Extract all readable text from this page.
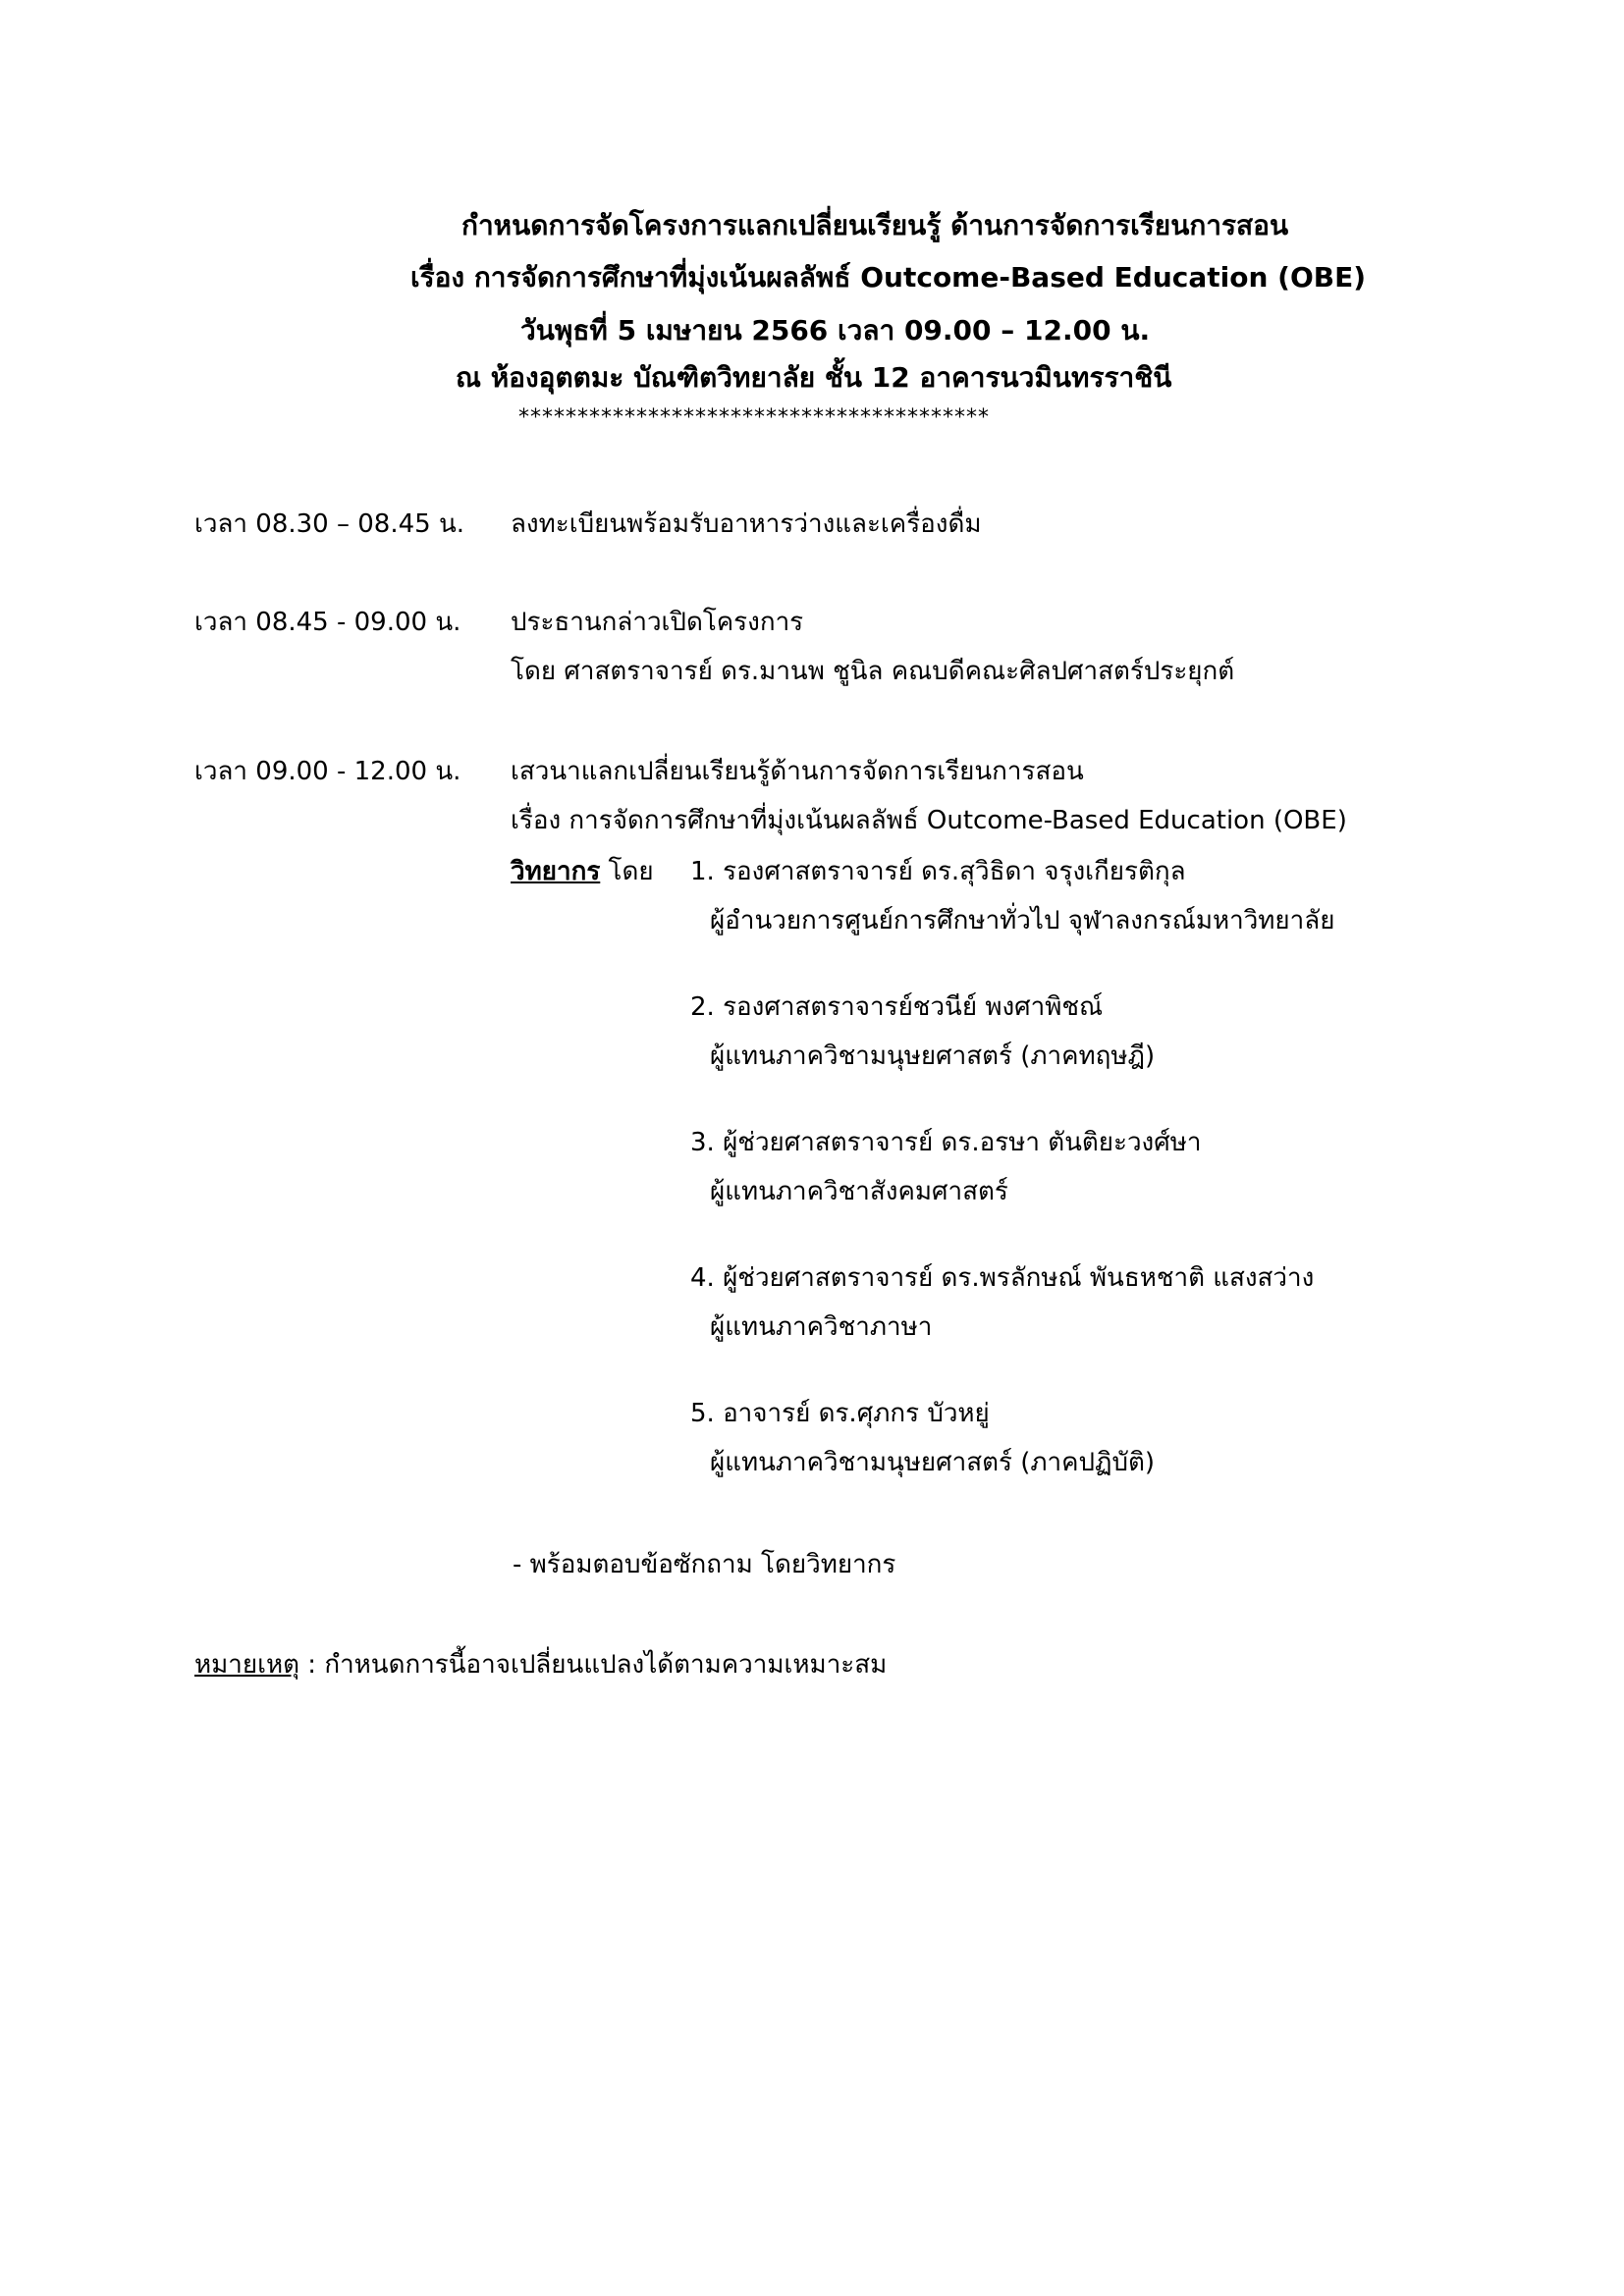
กำหนดการจัดโครงการแลกเปลี่ยนเรียนรู้ ด้านการจัดการเรียนการสอน
เรื่อง การจัดการศึกษาที่มุ่งเน้นผลลัพธ์ Outcome-Based Education (OBE)
วันพุธที่ 5 เมษายน 2566 เวลา 09.00 – 12.00 น.
ณ ห้องอุตตมะ บัณฑิตวิทยาลัย ชั้น 12 อาคารนวมินทรราชินี
****************************************
เวลา 08.30 – 08.45 น. ลงทะเบียนพร้อมรับอาหารว่างและเครื่องดื่ม
เวลา 08.45 - 09.00 น. ประธานกล่าวเปิดโครงการ
โดย ศาสตราจารย์ ดร.มานพ ชูนิล คณบดีคณะศิลปศาสตร์ประยุกต์
เวลา 09.00 - 12.00 น. เสวนาแลกเปลี่ยนเรียนรู้ด้านการจัดการเรียนการสอน
เรื่อง การจัดการศึกษาที่มุ่งเน้นผลลัพธ์ Outcome-Based Education (OBE)
วิทยากร โดย 1. รองศาสตราจารย์ ดร.สุวิธิดา จรุงเกียรติกุล
ผู้อำนวยการศูนย์การศึกษาทั่วไป จุฬาลงกรณ์มหาวิทยาลัย
2. รองศาสตราจารย์ชวนีย์ พงศาพิชณ์
ผู้แทนภาควิชามนุษยศาสตร์ (ภาคทฤษฎี)
3. ผู้ช่วยศาสตราจารย์ ดร.อรษา ตันติยะวงศ์ษา
ผู้แทนภาควิชาสังคมศาสตร์
4. ผู้ช่วยศาสตราจารย์ ดร.พรลักษณ์ พันธหชาติ แสงสว่าง
ผู้แทนภาควิชาภาษา
5. อาจารย์ ดร.ศุภกร บัวหยู่
ผู้แทนภาควิชามนุษยศาสตร์ (ภาคปฏิบัติ)
- พร้อมตอบข้อซักถาม โดยวิทยากร
หมายเหตุ : กำหนดการนี้อาจเปลี่ยนแปลงได้ตามความเหมาะสม
